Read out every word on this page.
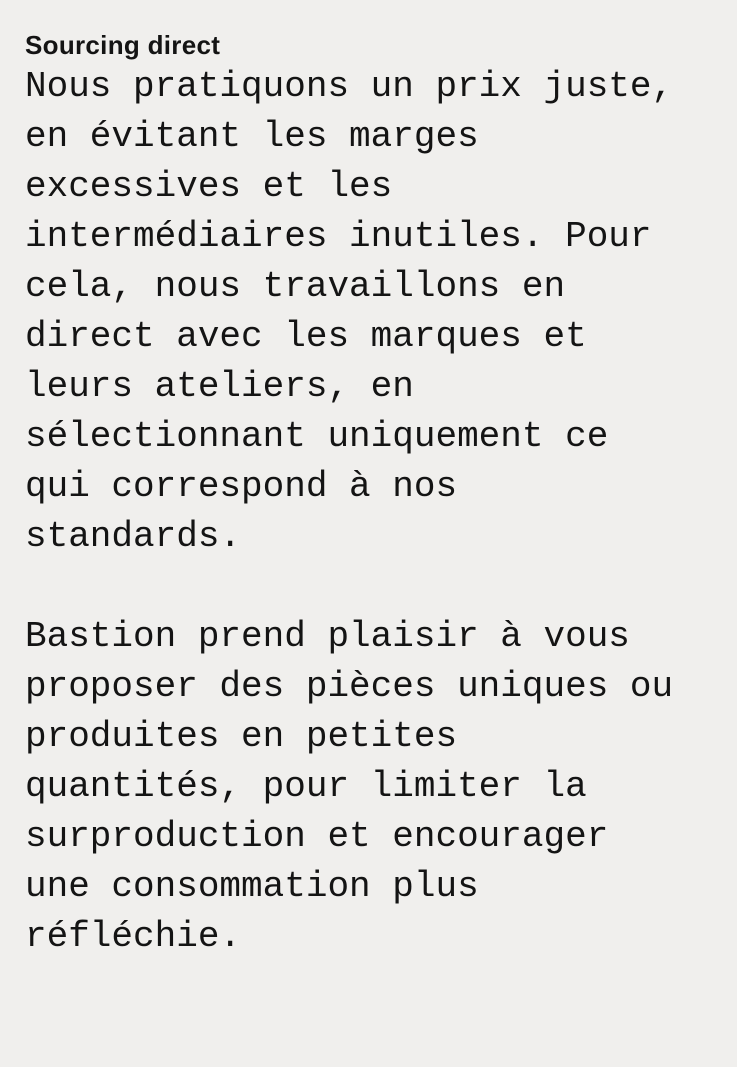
Sourcing direct

Nous pratiquons un prix juste,
en évitant les marges
excessives et les
intermédiaires inutiles. Pour
cela, nous travaillons en
direct avec les marques et
leurs ateliers, en
sélectionnant uniquement ce
qui correspond à nos
standards.

Bastion prend plaisir à vous
proposer des pièces uniques ou
produites en petites
quantités, pour limiter la
surproduction et encourager
une consommation plus
réfléchie.
